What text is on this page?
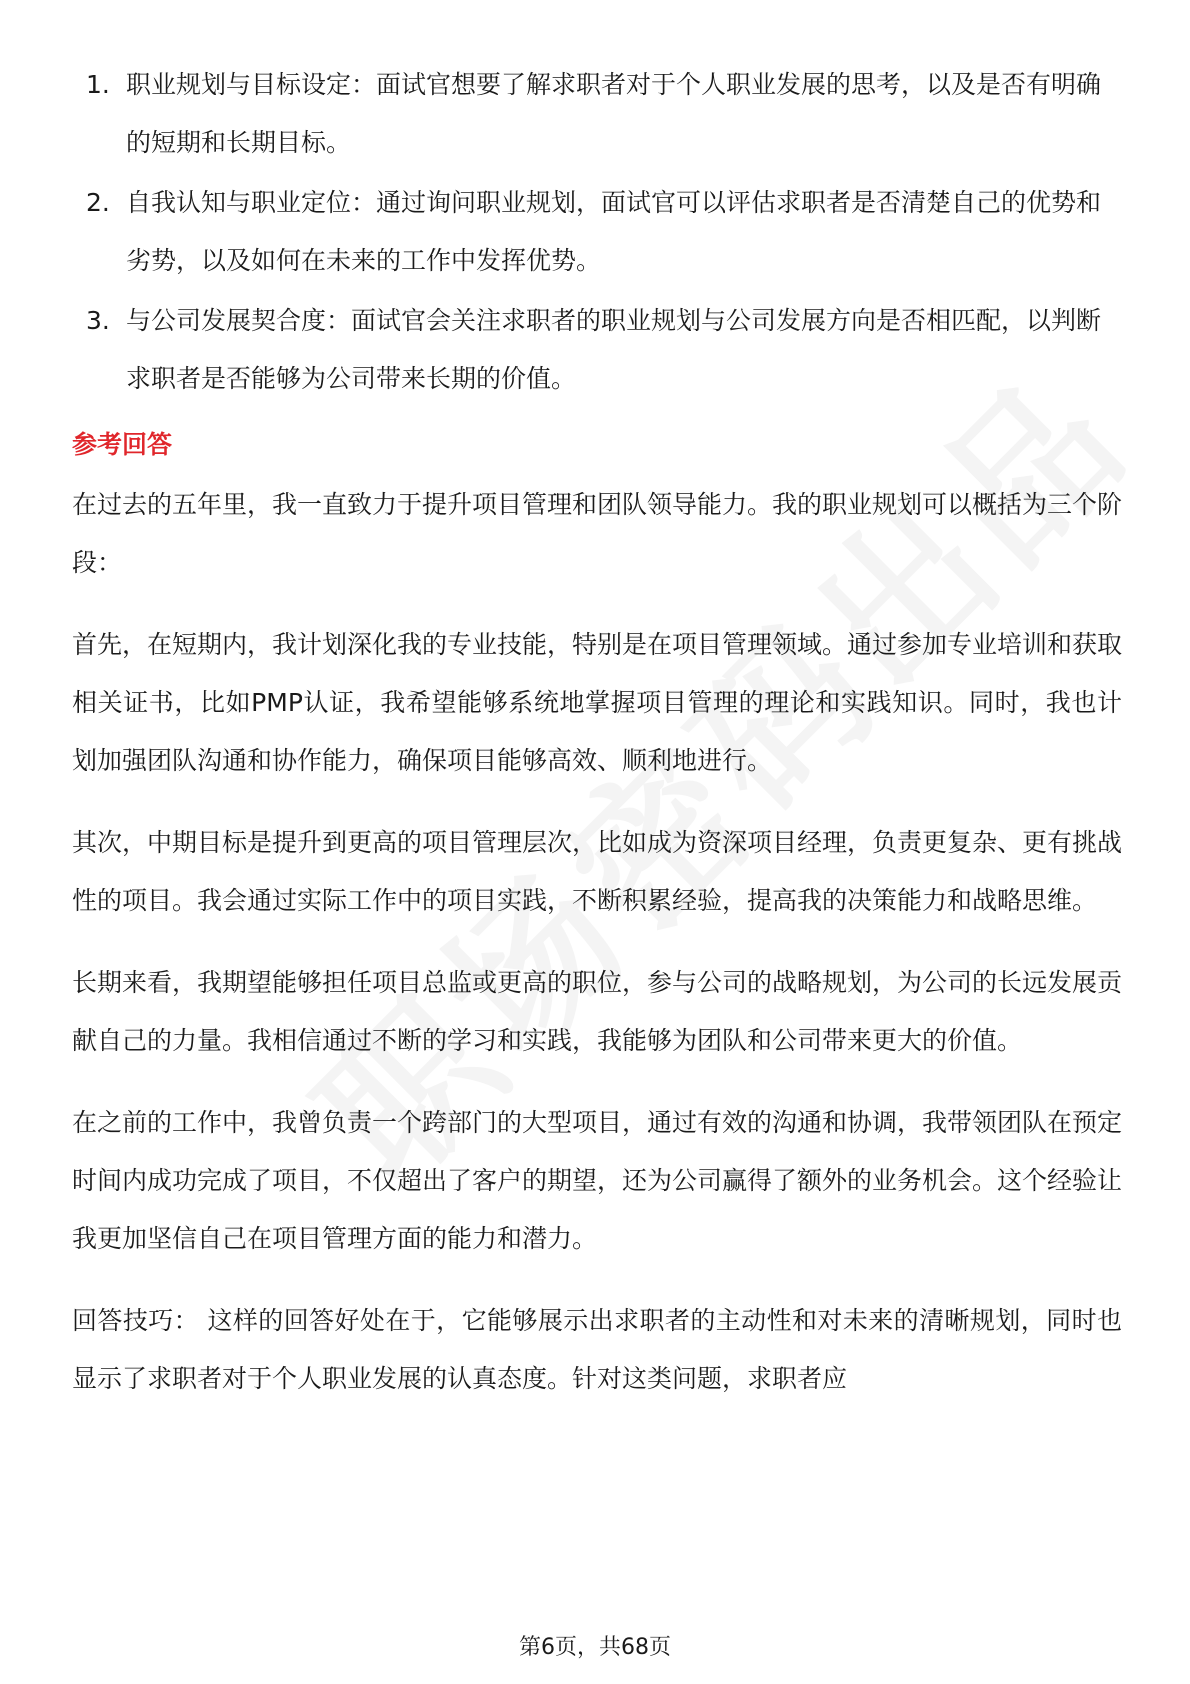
1. 职业规划与目标设定：面试官想要了解求职者对于个人职业发展的思考，以及是否有明确的短期和长期目标。
2. 自我认知与职业定位：通过询问职业规划，面试官可以评估求职者是否清楚自己的优势和劣势，以及如何在未来的工作中发挥优势。
3. 与公司发展契合度：面试官会关注求职者的职业规划与公司发展方向是否相匹配，以判断求职者是否能够为公司带来长期的价值。
参考回答

在过去的五年里，我一直致力于提升项目管理和团队领导能力。我的职业规划可以概括为三个阶段：

首先，在短期内，我计划深化我的专业技能，特别是在项目管理领域。通过参加专业培训和获取相关证书，比如PMP认证，我希望能够系统地掌握项目管理的理论和实践知识。同时，我也计划加强团队沟通和协作能力，确保项目能够高效、顺利地进行。

其次，中期目标是提升到更高的项目管理层次，比如成为资深项目经理，负责更复杂、更有挑战性的项目。我会通过实际工作中的项目实践，不断积累经验，提高我的决策能力和战略思维。

长期来看，我期望能够担任项目总监或更高的职位，参与公司的战略规划，为公司的长远发展贡献自己的力量。我相信通过不断的学习和实践，我能够为团队和公司带来更大的价值。

在之前的工作中，我曾负责一个跨部门的大型项目，通过有效的沟通和协调，我带领团队在预定时间内成功完成了项目，不仅超出了客户的期望，还为公司赢得了额外的业务机会。这个经验让我更加坚信自己在项目管理方面的能力和潜力。

回答技巧： 这样的回答好处在于，它能够展示出求职者的主动性和对未来的清晰规划，同时也显示了求职者对于个人职业发展的认真态度。针对这类问题，求职者应

第6页，共68页
